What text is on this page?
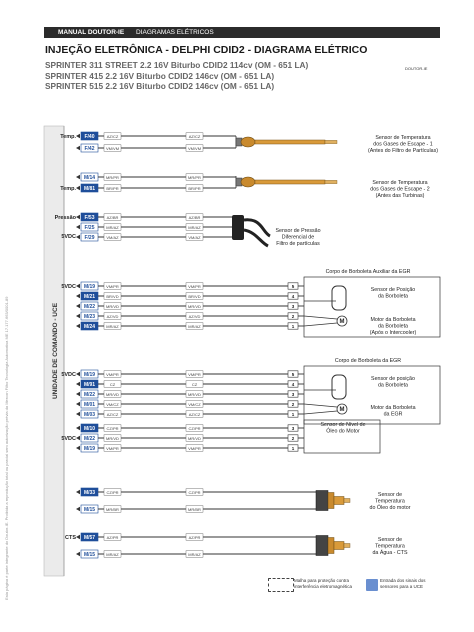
MANUAL DOUTOR-IE DIAGRAMAS ELÉTRICOS
INJEÇÃO ELETRÔNICA - DELPHI CDID2 - DIAGRAMA ELÉTRICO
SPRINTER 311 STREET 2.2 16V Biturbo CDID2 114cv (OM - 651 LA)
SPRINTER 415 2.2 16V Biturbo CDID2 146cv (OM - 651 LA)
SPRINTER 515 2.2 16V Biturbo CDID2 146cv (OM - 651 LA)
DOUTOR-IE
Esta página é parte integrante do Doutor-IE. Proibida a reprodução total ou parcial sem autorização prévia da Mercon Filho Tecnologia Automotiva ME 17.177.663/0001-89	UNIDADE DE COMANDO - UCE
Temp.
Temp.
Pressão
5VDC
5VDC
5VDC
5VDC
CTS
F/40	AZ/CZ	AZ/CZ
F/42	VM/VM	VM/VM
M/14	MR/PR	MR/PR
M/81	BR/PR	BR/PR
F/53	AZ/BR	AZ/BR
F/25	MR/AZ	MR/AZ
F/29	VM/AZ	VM/AZ
M/19	VM/PR	VM/PR	5
M/21	BR/VD	BR/VD	4
M/22	MR/VD	MR/VD	3
M/23	AZ/VD	AZ/VD	2
M/24	MR/AZ	MR/AZ	1
M/19	VM/PR	VM/PR	5
M/91	CZ	CZ	4
M/22	MR/VD	MR/VD	3
M/01	VM/CZ	VM/CZ	2
M/03	AZ/CZ	AZ/CZ	1
M/10	CZ/PR	CZ/PR	3
M/22	MR/VD	MR/VD	2
M/19	VM/PR	VM/PR	1
M/33	CZ/PR	CZ/PR
M/15	MR/BR	MR/BR
M/57	AZ/PR	AZ/PR
M/15	MR/AZ	MR/AZ
M
M
Sensor de Temperatura
dos Gases de Escape - 1
(Antes do Filtro de Partículas)
Sensor de Temperatura
dos Gases de Escape - 2
(Antes das Turbinas)
Sensor de Pressão
Diferencial de
Filtro de partículas
Corpo de Borboleta Auxiliar da EGR
Sensor de Posição
da Borboleta
Motor da Borboleta
da Borboleta
(Após o Intercooler)
Corpo de Borboleta da EGR
Sensor de posição
da Borboleta
Motor da Borboleta
da EGR
Sensor de Nível de
Óleo do Motor
Sensor de
Temperatura
do Óleo do motor
Sensor de
Temperatura
da Água - CTS
Malha para proteção contra interferência eletromagnética
Entrada dos sinais dos sensores para a UCE
